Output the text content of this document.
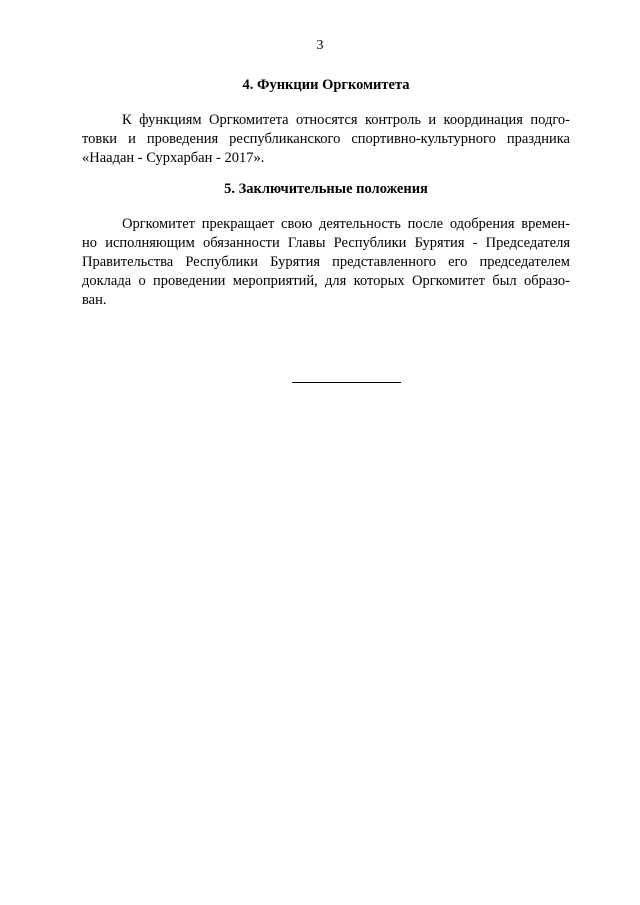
3
4. Функции Оргкомитета
К функциям Оргкомитета относятся контроль и координация подго-
товки и проведения республиканского спортивно-культурного праздника
«Наадан - Сурхарбан - 2017».
5. Заключительные положения
Оргкомитет прекращает свою деятельность после одобрения времен-
но исполняющим обязанности Главы Республики Бурятия - Председателя
Правительства Республики Бурятия представленного его председателем
доклада о проведении мероприятий, для которых Оргкомитет был образо-
ван.
